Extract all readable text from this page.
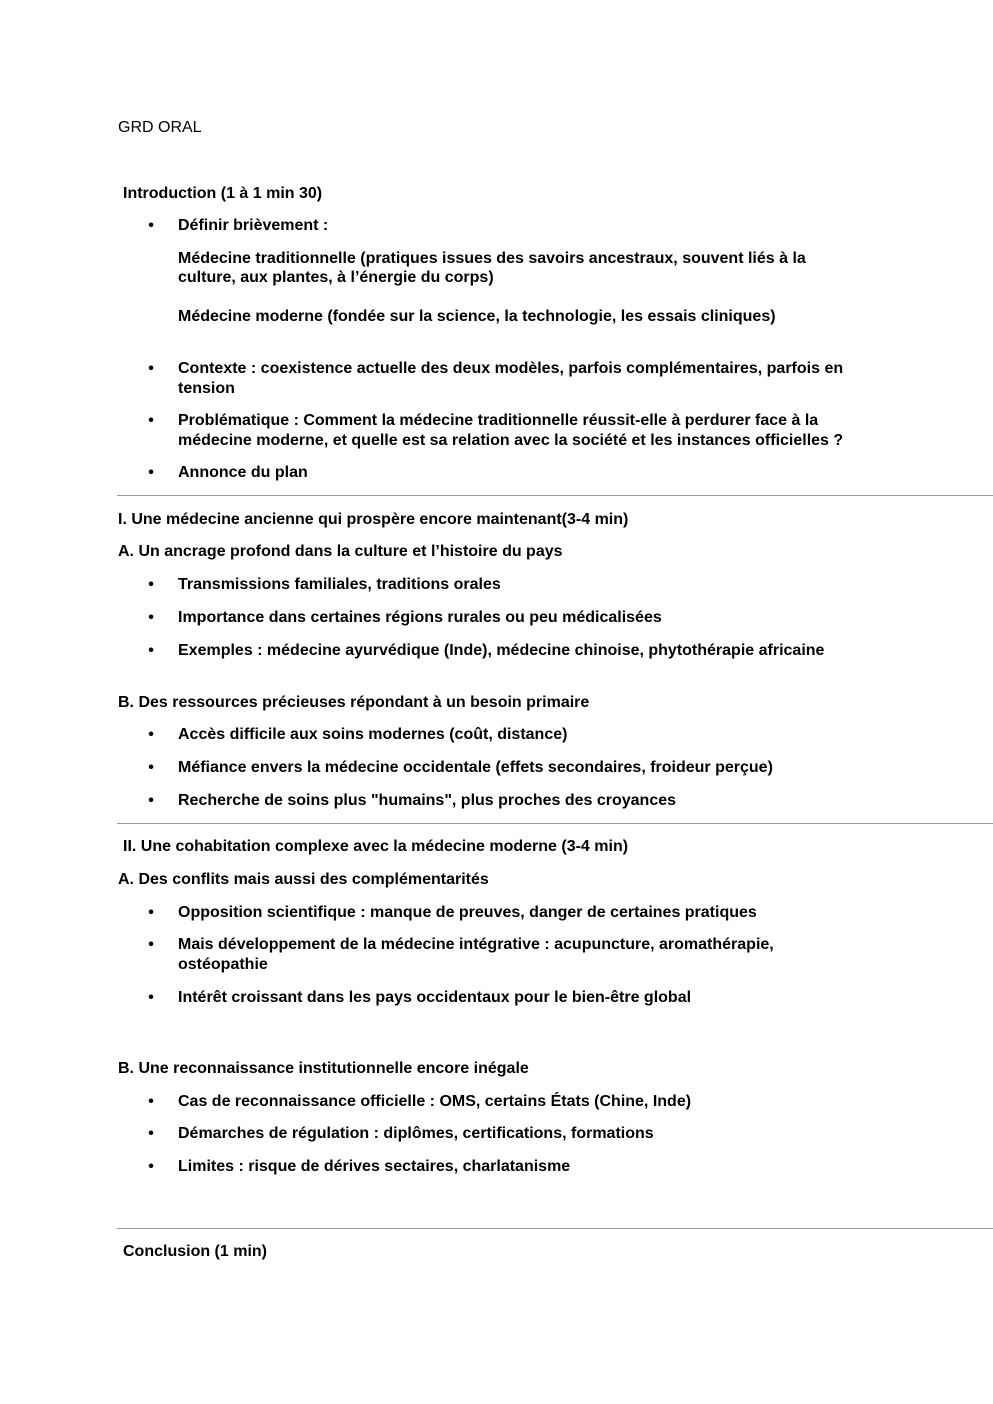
GRD ORAL

Introduction (1 à 1 min 30)

• Définir brièvement :

Médecine traditionnelle (pratiques issues des savoirs ancestraux, souvent liés à la

culture, aux plantes, à l’énergie du corps)

Médecine moderne (fondée sur la science, la technologie, les essais cliniques)

• Contexte : coexistence actuelle des deux modèles, parfois complémentaires, parfois en

tension

• Problématique : Comment la médecine traditionnelle réussit-elle à perdurer face à la

médecine moderne, et quelle est sa relation avec la société et les instances officielles ?

• Annonce du plan

I. Une médecine ancienne qui prospère encore maintenant(3-4 min)

A. Un ancrage profond dans la culture et l’histoire du pays

• Transmissions familiales, traditions orales

• Importance dans certaines régions rurales ou peu médicalisées

• Exemples : médecine ayurvédique (Inde), médecine chinoise, phytothérapie africaine

B. Des ressources précieuses répondant à un besoin primaire

• Accès difficile aux soins modernes (coût, distance)

• Méfiance envers la médecine occidentale (effets secondaires, froideur perçue)

• Recherche de soins plus "humains", plus proches des croyances

II. Une cohabitation complexe avec la médecine moderne (3-4 min)

A. Des conflits mais aussi des complémentarités

• Opposition scientifique : manque de preuves, danger de certaines pratiques

• Mais développement de la médecine intégrative : acupuncture, aromathérapie,

ostéopathie

• Intérêt croissant dans les pays occidentaux pour le bien-être global

B. Une reconnaissance institutionnelle encore inégale

• Cas de reconnaissance officielle : OMS, certains États (Chine, Inde)

• Démarches de régulation : diplômes, certifications, formations

• Limites : risque de dérives sectaires, charlatanisme

Conclusion (1 min)
